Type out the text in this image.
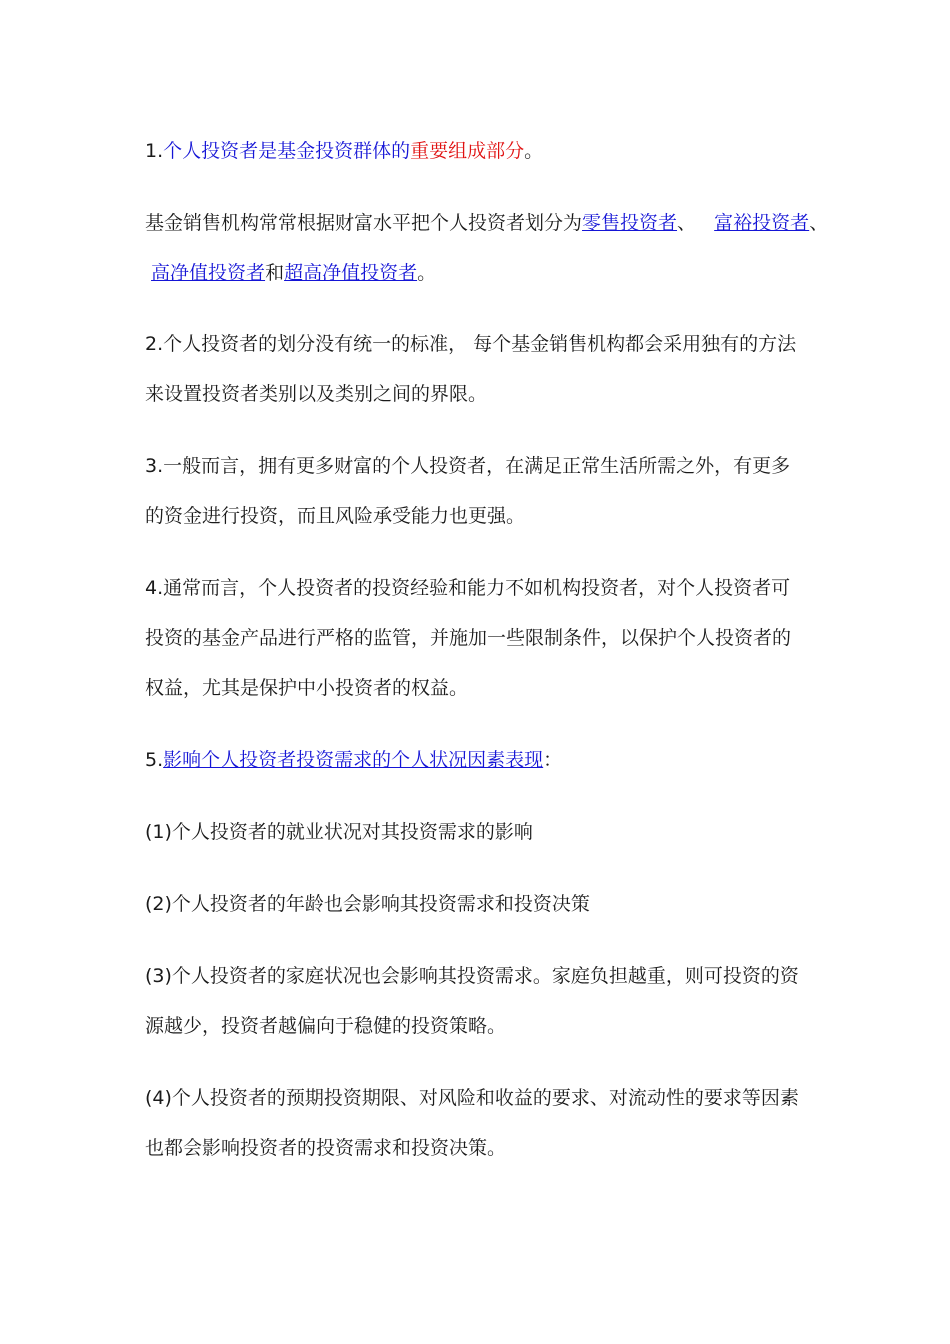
1.个人投资者是基金投资群体的重要组成部分。

基金销售机构常常根据财富水平把个人投资者划分为零售投资者、   富裕投资者、
高净值投资者和超高净值投资者。

2.个人投资者的划分没有统一的标准， 每个基金销售机构都会采用独有的方法
来设置投资者类别以及类别之间的界限。

3.一般而言，拥有更多财富的个人投资者，在满足正常生活所需之外，有更多
的资金进行投资，而且风险承受能力也更强。

4.通常而言，个人投资者的投资经验和能力不如机构投资者，对个人投资者可
投资的基金产品进行严格的监管，并施加一些限制条件，以保护个人投资者的
权益，尤其是保护中小投资者的权益。

5.影响个人投资者投资需求的个人状况因素表现：

(1)个人投资者的就业状况对其投资需求的影响

(2)个人投资者的年龄也会影响其投资需求和投资决策

(3)个人投资者的家庭状况也会影响其投资需求。家庭负担越重，则可投资的资
源越少，投资者越偏向于稳健的投资策略。

(4)个人投资者的预期投资期限、对风险和收益的要求、对流动性的要求等因素
也都会影响投资者的投资需求和投资决策。
